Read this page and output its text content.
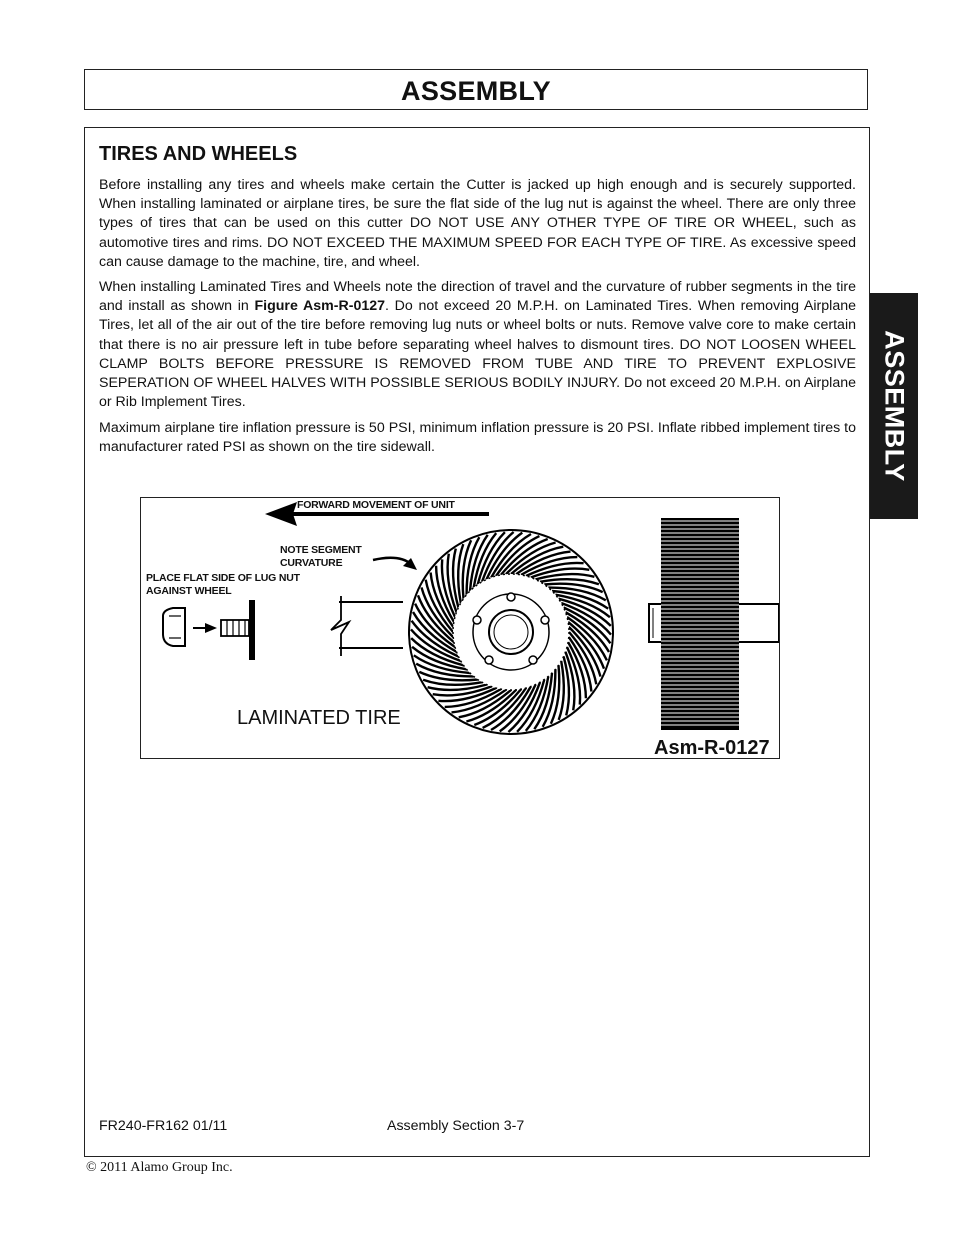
ASSEMBLY
ASSEMBLY
TIRES AND WHEELS

Before installing any tires and wheels make certain the Cutter is jacked up high enough and is securely supported. When installing laminated or airplane tires, be sure the flat side of the lug nut is against the wheel. There are only three types of tires that can be used on this cutter DO NOT USE ANY OTHER TYPE OF TIRE OR WHEEL, such as automotive tires and rims. DO NOT EXCEED THE MAXIMUM SPEED FOR EACH TYPE OF TIRE. As excessive speed can cause damage to the machine, tire, and wheel.

When installing Laminated Tires and Wheels note the direction of travel and the curvature of rubber segments in the tire and install as shown in Figure Asm-R-0127. Do not exceed 20 M.P.H. on Laminated Tires. When removing Airplane Tires, let all of the air out of the tire before removing lug nuts or wheel bolts or nuts. Remove valve core to make certain that there is no air pressure left in tube before separating wheel halves to dismount tires. DO NOT LOOSEN WHEEL CLAMP BOLTS BEFORE PRESSURE IS REMOVED FROM TUBE AND TIRE TO PREVENT EXPLOSIVE SEPERATION OF WHEEL HALVES WITH POSSIBLE SERIOUS BODILY INJURY. Do not exceed 20 M.P.H. on Airplane or Rib Implement Tires.

Maximum airplane tire inflation pressure is 50 PSI, minimum inflation pressure is 20 PSI. Inflate ribbed implement tires to manufacturer rated PSI as shown on the tire sidewall.

FORWARD MOVEMENT OF UNIT
NOTE SEGMENT CURVATURE
PLACE FLAT SIDE OF LUG NUT AGAINST WHEEL
LAMINATED TIRE
Asm-R-0127
FR240-FR162 01/11	Assembly Section 3-7
© 2011 Alamo Group Inc.
